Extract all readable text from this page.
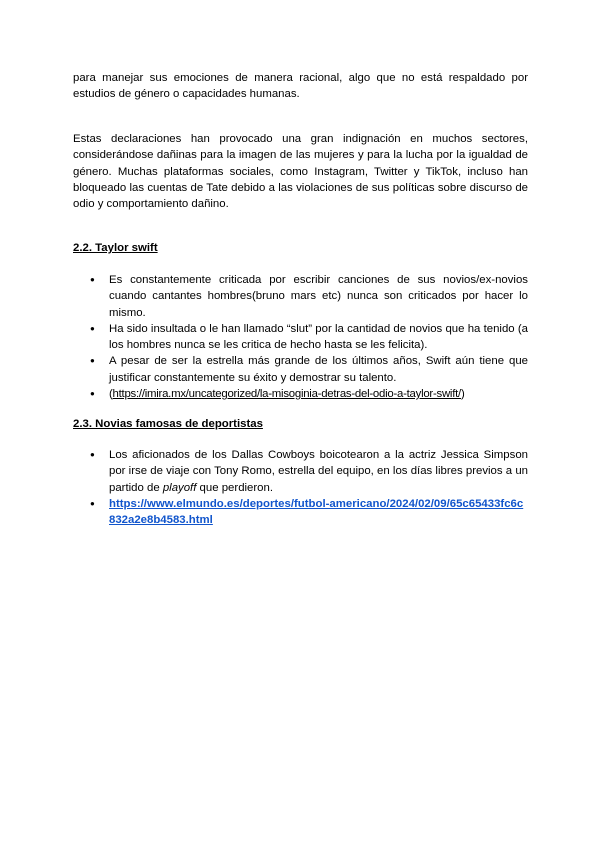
para manejar sus emociones de manera racional, algo que no está respaldado por estudios de género o capacidades humanas.

Estas declaraciones han provocado una gran indignación en muchos sectores, considerándose dañinas para la imagen de las mujeres y para la lucha por la igualdad de género. Muchas plataformas sociales, como Instagram, Twitter y TikTok, incluso han bloqueado las cuentas de Tate debido a las violaciones de sus políticas sobre discurso de odio y comportamiento dañino.

2.2. Taylor swift
● Es constantemente criticada por escribir canciones de sus novios/ex-novios cuando cantantes hombres(bruno mars etc) nunca son criticados por hacer lo mismo.
● Ha sido insultada o le han llamado “slut” por la cantidad de novios que ha tenido (a los hombres nunca se les critica de hecho hasta se les felicita).
● A pesar de ser la estrella más grande de los últimos años, Swift aún tiene que justificar constantemente su éxito y demostrar su talento.
● (https://imira.mx/uncategorized/la-misoginia-detras-del-odio-a-taylor-swift/)
2.3. Novias famosas de deportistas
● Los aficionados de los Dallas Cowboys boicotearon a la actriz Jessica Simpson por irse de viaje con Tony Romo, estrella del equipo, en los días libres previos a un partido de playoff que perdieron.
● https://www.elmundo.es/deportes/futbol-americano/2024/02/09/65c65433fc6c832a2e8b4583.html
